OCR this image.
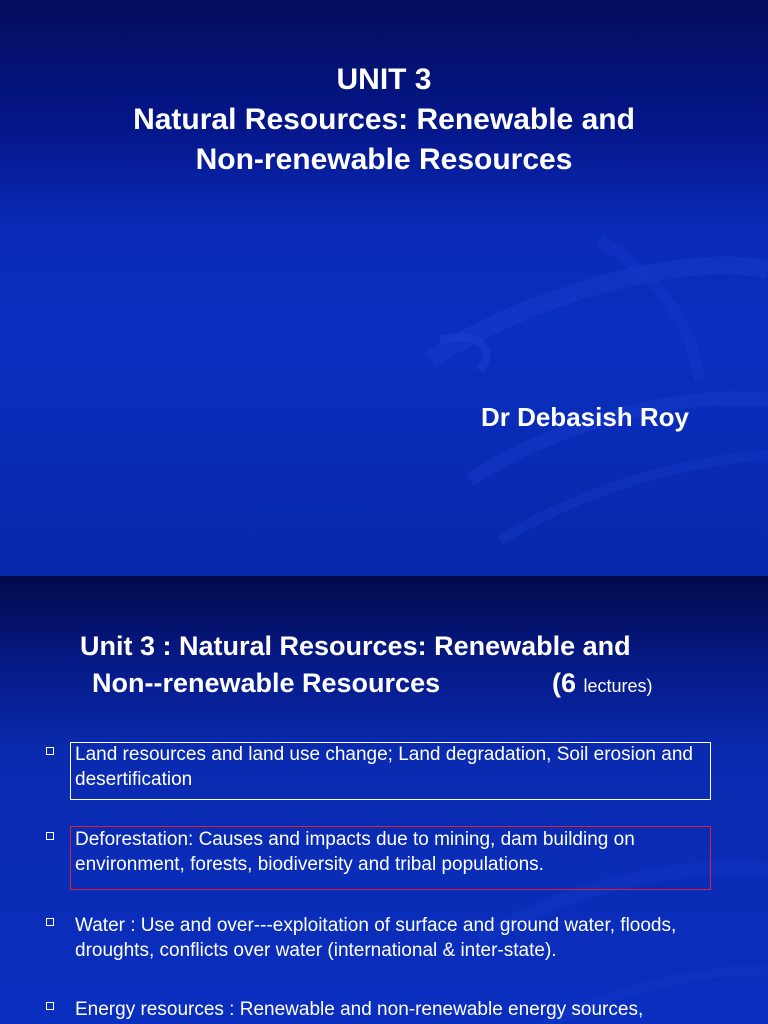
UNIT 3
Natural Resources: Renewable and
Non-renewable Resources
Dr Debasish Roy
Unit 3 : Natural Resources: Renewable and
Non--renewable Resources	(6 lectures)
Land resources and land use change; Land degradation, Soil erosion and desertification
Deforestation: Causes and impacts due to mining, dam building on environment, forests, biodiversity and tribal populations.
Water : Use and over---exploitation of surface and ground water, floods, droughts, conflicts over water (international & inter-state).
Energy resources : Renewable and non-renewable energy sources,
